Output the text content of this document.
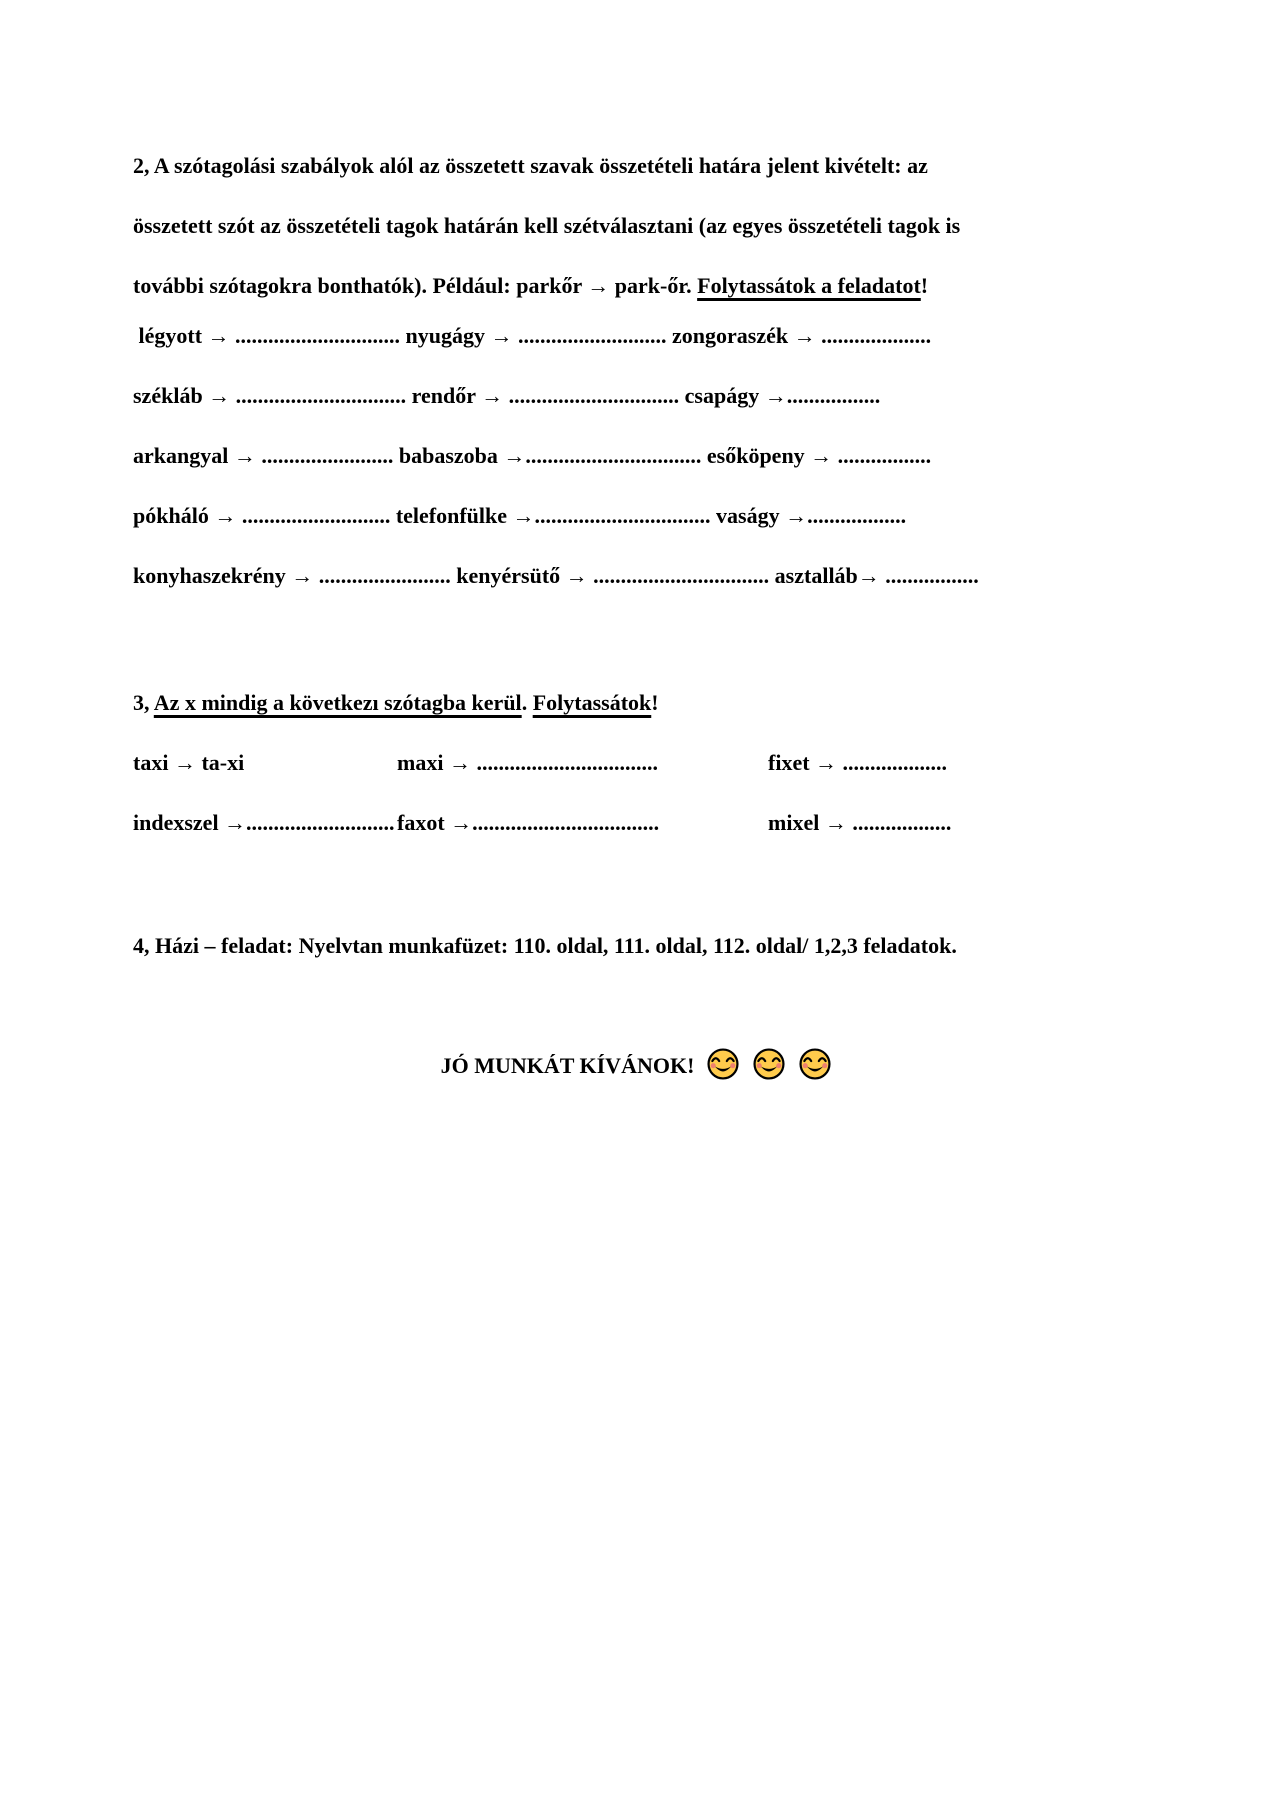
2, A szótagolási szabályok alól az összetett szavak összetételi határa jelent kivételt: az
összetett szót az összetételi tagok határán kell szétválasztani (az egyes összetételi tagok is
további szótagokra bonthatók). Például: parkőr → park-őr. Folytassátok a feladatot!
légyott → .............................. nyugágy → ........................... zongoraszék → ....................
székláb → ............................... rendőr → ............................... csapágy →.................
arkangyal → ........................ babaszoba →................................ esőköpeny → .................
pókháló → ........................... telefonfülke →................................ vaságy →..................
konyhaszekrény → ........................ kenyérsütő → ................................ asztalláb→ .................
3, Az x mindig a következı szótagba kerül. Folytassátok!
taxi → ta-xi	maxi → .................................	fixet → ...................
indexszel →........................... faxot →..................................	mixel → ..................
4, Házi – feladat: Nyelvtan munkafüzet: 110. oldal, 111. oldal, 112. oldal/ 1,2,3 feladatok.
JÓ MUNKÁT KÍVÁNOK!
